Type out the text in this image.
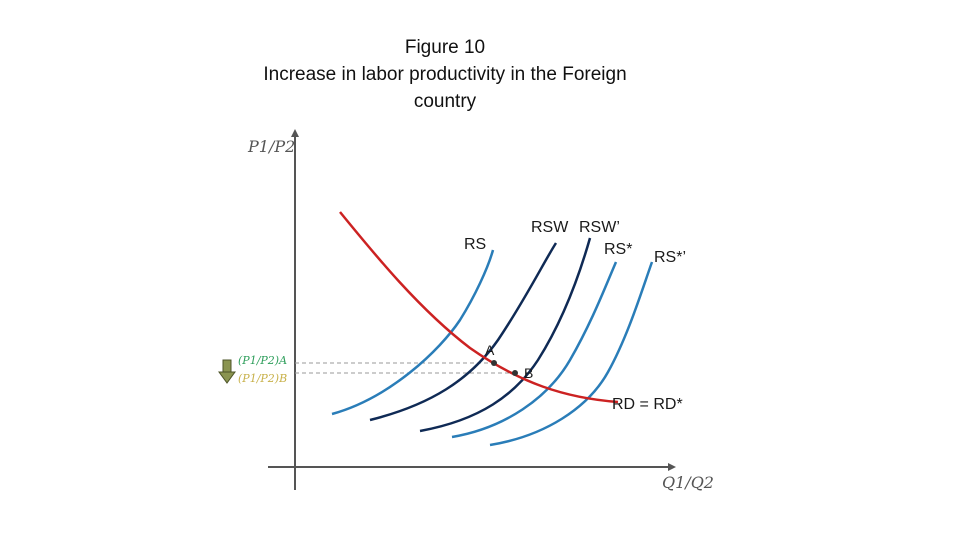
Figure 10
Increase in labor productivity in the Foreign
country
P1/P2
Q1/Q2
(P1/P2)A
(P1/P2)B
A
B
RS
RSW RSW’
RS* RS*’
RD = RD*
